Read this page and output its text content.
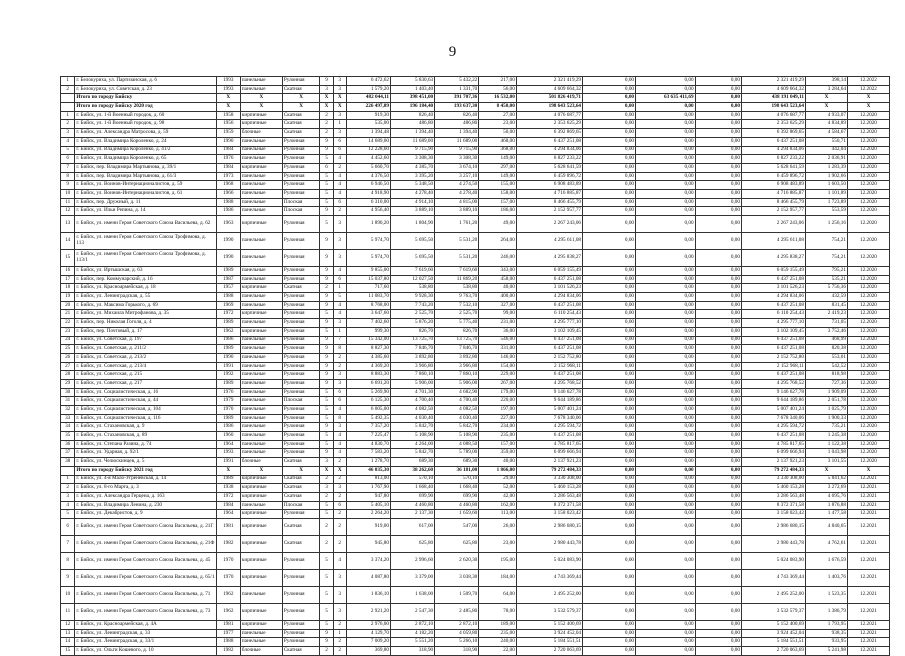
9
1	г. Белокуриха, ул. Партизанская, д. 6	1993	панельные	Рулонная	9	3	6 472,62	5 830,63	5 432,22	217,00	2 321 419,29	0,00	0,00	0,00	2 321 419,29	398,14	12.2022
2	г. Белокуриха, ул. Советская, д. 23	1993	панельные	Скатная	3	3	1 579,20	1 403,40	1 331,70	56,00	4 609 664,32	0,00	0,00	0,00	4 609 664,32	3 284,64	12.2022
	Итого по городу Бийску	X	X	X	X	X	482 044,11	398 451,00	391 707,36	16 532,00	501 826 419,71	0,00	63 635 411,69	0,00	438 191 049,11	X	X
	Итого по городу Бийску 2020 год	X	X	X	X	X	226 497,09	196 184,40	193 637,30	8 450,00	198 643 523,64	0,00	0,00	0,00	198 643 523,64	X	X
1	г. Бийск, ул. 1-й Военный городок, д. 60	1958	кирпичные	Скатная	2	3	919,30	826,40	826,40	27,00	4 076 687,77	0,00	0,00	0,00	4 076 687,77	4 933,07	12.2020
2	г. Бийск, ул. 1-й Военный городок, д. 98	1956	кирпичные	Скатная	2	1	535,00	486,80	486,80	23,00	2 353 625,29	0,00	0,00	0,00	2 353 625,29	4 834,89	12.2020
3	г. Бийск, ул. Александра Матросова, д. 59	1959	блочные	Скатная	2	3	1 394,48	1 394,40	1 394,40	50,00	6 392 869,65	0,00	0,00	0,00	6 392 869,65	4 584,67	12.2020
4	г. Бийск, ул. Владимира Короленко, д. 24	1990	панельные	Рулонная	9	6	14 689,00	11 689,00	11 689,00	468,00	6 437 251,08	0,00	0,00	0,00	6 437 251,08	550,71	12.2020
5	г. Бийск, ул. Владимира Короленко, д. 41/2	1984	панельные	Рулонная	9	6	12 228,60	9 715,90	9 715,90	368,00	4 294 834,06	0,00	0,00	0,00	4 294 834,06	442,04	12.2020
6	г. Бийск, ул. Владимира Короленко, д. 65	1976	панельные	Рулонная	5	4	4 452,60	3 308,30	3 308,30	149,00	6 827 233,22	0,00	0,00	0,00	6 827 233,22	2 036,91	12.2020
7	г. Бийск, пер. Владимира Мартьянова, д. 39/1	1984	кирпичные	Рулонная	6	2	5 660,70	4 385,70	3 674,10	297,00	5 628 641,59	0,00	0,00	0,00	5 628 641,59	1 283,39	12.2020
8	г. Бийск, пер. Владимира Мартьянова, д. 61/3	1973	панельные	Рулонная	5	4	4 376,50	3 395,20	3 257,10	149,00	6 459 896,72	0,00	0,00	0,00	6 459 896,72	1 902,66	12.2020
9	г. Бийск, ул. Воинов-Интернационалистов, д. 59	1968	панельные	Рулонная	5	4	6 946,50	5 348,50	4 274,50	155,00	6 908 483,89	0,00	0,00	0,00	6 908 483,89	1 603,50	12.2020
10	г. Бийск, ул. Воинов-Интернационалистов, д. 61	1966	панельные	Рулонная	5	4	4 918,90	4 278,40	4 278,40	158,00	4 716 885,87	0,00	0,00	0,00	4 716 885,87	1 101,89	12.2020
11	г. Бийск, пер. Дружный, д. 11	1988	панельные	Плоская	5	6	6 310,00	4 914,10	4 815,00	157,00	8 466 455,79	0,00	0,00	0,00	8 466 455,79	1 723,89	12.2020
12	г. Бийск, ул. Ильи Репина, д. 14	1986	панельные	Плоская	9	2	4 956,40	3 889,10	3 889,10	186,00	2 152 957,77	0,00	0,00	0,00	2 152 957,77	553,59	12.2020
13	г. Бийск, ул. имени Героя Советского Союза Васильева, д. 62	1963	кирпичные	Рулонная	5	3	1 890,20	1 804,90	1 761,20	49,00	2 267 243,06	0,00	0,00	0,00	2 267 243,06	1 256,16	12.2020
14	г. Бийск, ул. имени Героя Советского Союза Трофимова, д. 113	1990	панельные	Рулонная	9	3	5 974,70	5 695,50	5 531,20	264,00	4 295 611,08	0,00	0,00	0,00	4 295 611,08	754,21	12.2020
15	г. Бийск, ул. имени Героя Советского Союза Трофимова, д. 113/1	1990	панельные	Рулонная	9	3	5 974,70	5 695,50	5 531,20	246,00	4 295 838,27	0,00	0,00	0,00	4 295 838,27	754,21	12.2020
16	г. Бийск, ул. Иртышская, д. 63	1989	панельные	Рулонная	9	4	9 855,00	7 619,60	7 619,60	343,00	6 059 155,49	0,00	0,00	0,00	6 059 155,49	795,21	12.2020
17	г. Бийск, пер. Коммунарский, д. 16	1987	панельные	Рулонная	9	6	15 037,80	12 027,50	11 869,20	458,00	6 437 251,08	0,00	0,00	0,00	6 437 251,08	535,21	12.2020
18	г. Бийск, ул. Красноармейская, д. 18	1957	кирпичные	Скатная	2	1	717,60	538,80	538,80	40,00	3 101 526,23	0,00	0,00	0,00	3 101 526,23	5 756,36	12.2020
19	г. Бийск, ул. Ленинградская, д. 55	1988	панельные	Рулонная	9	5	11 083,70	9 928,30	9 763,70	400,00	4 294 834,06	0,00	0,00	0,00	4 294 834,06	432,59	12.2020
20	г. Бийск, ул. Максима Горького, д. 69	1969	панельные	Рулонная	9	4	8 768,00	7 743,20	7 532,10	327,00	6 437 251,08	0,00	0,00	0,00	6 437 251,08	831,45	12.2020
21	г. Бийск, ул. Михаила Митрофанова, д. 35	1972	кирпичные	Рулонная	5	4	3 647,60	2 525,70	2 525,70	99,00	6 110 254,43	0,00	0,00	0,00	6 110 254,43	2 419,23	12.2020
22	г. Бийск, пер. Николая Гоголя, д. 4	1989	панельные	Рулонная	9	3	7 402,60	5 876,20	5 775,40	231,00	4 295 777,10	0,00	0,00	0,00	4 295 777,10	731,05	12.2020
23	г. Бийск, пер. Почтовый, д. 17	1962	кирпичные	Рулонная	5	1	999,30	826,70	826,70	36,00	3 102 109,45	0,00	0,00	0,00	3 102 109,45	3 752,46	12.2020
24	г. Бийск, ул. Советская, д. 197	1986	панельные	Рулонная	9	7	15 342,00	13 725,70	13 725,70	546,00	6 437 251,08	0,00	0,00	0,00	6 437 251,08	468,99	12.2020
25	г. Бийск, ул. Советская, д. 211/2	1989	панельные	Рулонная	9	8	8 827,30	7 846,70	7 846,70	331,00	6 437 251,08	0,00	0,00	0,00	6 437 251,08	820,38	12.2020
26	г. Бийск, ул. Советская, д. 213/2	1990	панельные	Рулонная	9	2	4 385,60	3 892,80	3 892,80	146,00	2 152 752,80	0,00	0,00	0,00	2 152 752,80	553,01	12.2020
27	г. Бийск, ул. Советская, д. 213/4	1991	панельные	Рулонная	9	2	4 369,20	3 966,80	3 966,80	154,00	2 152 968,11	0,00	0,00	0,00	2 152 968,11	542,52	12.2020
28	г. Бийск, ул. Советская, д. 215	1992	панельные	Рулонная	9	3	8 883,30	7 860,10	7 860,10	229,00	6 437 251,08	0,00	0,00	0,00	6 437 251,08	818,98	12.2020
29	г. Бийск, ул. Советская, д. 217	1989	панельные	Рулонная	9	3	6 691,20	5 906,00	5 906,00	267,00	4 295 768,52	0,00	0,00	0,00	4 295 768,52	727,36	12.2020
30	г. Бийск, ул. Социалистическая, д. 16	1976	панельные	Рулонная	5	6	5 269,90	4 701,30	4 682,90	179,00	9 146 627,78	0,00	0,00	0,00	9 146 627,78	1 909,09	12.2020
31	г. Бийск, ул. Социалистическая, д. 44	1979	панельные	Плоская	5	6	6 125,30	4 700,40	4 700,40	220,00	9 644 189,86	0,00	0,00	0,00	9 644 189,86	2 051,78	12.2020
32	г. Бийск, ул. Социалистическая, д. 104	1970	панельные	Рулонная	5	4	6 005,00	4 082,50	4 082,50	197,00	5 007 401,24	0,00	0,00	0,00	5 007 401,24	1 025,79	12.2020
33	г. Бийск, ул. Социалистическая, д. 116	1989	панельные	Рулонная	5	8	5 492,35	4 030,40	4 030,40	227,00	7 678 340,06	0,00	0,00	0,00	7 678 340,06	1 900,33	12.2020
34	г. Бийск, ул. Стахановская, д. 9	1986	панельные	Рулонная	9	3	7 357,20	5 842,70	5 842,70	234,00	4 295 594,72	0,00	0,00	0,00	4 295 594,72	735,21	12.2020
35	г. Бийск, ул. Стахановская, д. 89	1960	панельные	Рулонная	5	4	7 225,47	5 108,90	5 108,90	235,00	6 437 251,08	0,00	0,00	0,00	6 437 251,08	1 245,38	12.2020
36	г. Бийск, ул. Степана Разина, д. 74	1964	панельные	Рулонная	5	4	4 830,70	4 264,00	4 088,50	157,00	4 785 817,65	0,00	0,00	0,00	4 785 817,65	1 122,38	12.2020
37	г. Бийск, ул. Ударная, д. 92/1	1993	панельные	Рулонная	9	4	7 583,20	5 842,70	5 789,00	359,00	6 099 666,94	0,00	0,00	0,00	6 099 666,94	1 043,98	12.2020
38	г. Бийск, ул. Челюскинцев, д. 5	1991	блочные	Скатная	3	2	1 278,70	689,30	689,30	40,00	2 137 921,23	0,00	0,00	0,00	2 137 921,23	3 101,55	12.2020
	Итого по городу Бийску 2021 год	X	X	X	X	X	46 035,30	38 262,60	36 181,00	1 866,00	79 272 484,33	0,00	0,00	0,00	79 272 484,33	X	X
1	г. Бийск, ул. 4-я Мало-Угреневская, д. 14	1989	кирпичные	Скатная	2	2	813,00	570,10	570,10	29,00	3 330 308,00	0,00	0,00	0,00	3 330 308,00	5 841,62	12.2021
2	г. Бийск, ул. 8-го Марта, д. 3	1938	кирпичные	Скатная	3	3	1 767,90	1 668,40	1 668,40	52,00	5 460 153,28	0,00	0,00	0,00	5 460 153,28	3 272,69	12.2021
3	г. Бийск, ул. Александра Герцена, д. 163	1972	кирпичные	Скатная	2	2	947,80	699,90	699,90	42,00	3 286 563,48	0,00	0,00	0,00	3 286 563,48	4 695,76	12.2021
4	г. Бийск, ул. Владимира Ленина, д. 230	1984	панельные	Плоская	5	6	5 405,10	4 460,80	4 460,80	162,00	8 372 371,58	0,00	0,00	0,00	8 372 371,58	1 876,88	12.2021
5	г. Бийск, ул. Декабристов, д. 9	1964	кирпичные	Рулонная	5	2	2 264,20	2 137,30	1 659,60	113,00	3 158 023,42	0,00	0,00	0,00	3 158 023,42	1 477,58	12.2021
6	г. Бийск, ул. имени Героя Советского Союза Васильева, д. 21Г	1981	кирпичные	Скатная	2	2	919,00	617,00	547,00	26,00	2 986 680,15	0,00	0,00	0,00	2 986 680,15	4 840,65	12.2021
7	г. Бийск, ул. имени Героя Советского Союза Васильева, д. 21Ф	1982	кирпичные	Скатная	2	2	945,80	625,80	625,80	23,00	2 980 443,78	0,00	0,00	0,00	2 980 443,78	4 762,61	12.2021
8	г. Бийск, ул. имени Героя Советского Союза Васильева, д. 45	1970	кирпичные	Рулонная	5	4	3 374,20	2 996,60	2 620,30	195,00	5 024 083,90	0,00	0,00	0,00	5 024 083,90	1 676,59	12.2021
9	г. Бийск, ул. имени Героя Советского Союза Васильева, д. 65/1	1970	кирпичные	Рулонная	5	3	4 087,80	3 379,00	3 038,30	184,00	4 743 369,44	0,00	0,00	0,00	4 743 369,44	1 403,76	12.2021
10	г. Бийск, ул. имени Героя Советского Союза Васильева, д. 71	1962	панельные	Рулонная	5	3	1 836,10	1 638,00	1 509,70	64,00	2 495 252,00	0,00	0,00	0,00	2 495 252,00	1 523,35	12.2021
11	г. Бийск, ул. имени Героя Советского Союза Васильева, д. 73	1962	кирпичные	Рулонная	5	3	2 921,20	2 547,30	2 485,80	78,00	3 532 579,37	0,00	0,00	0,00	3 532 579,37	1 386,79	12.2021
12	г. Бийск, ул. Красноармейская, д. 4А	1981	кирпичные	Рулонная	5	2	2 976,00	2 872,10	2 872,10	189,00	5 152 400,69	0,00	0,00	0,00	5 152 400,69	1 793,95	12.2021
13	г. Бийск, ул. Ленинградская, д. 33	1977	панельные	Рулонная	9	1	4 129,70	4 182,20	4 059,80	235,00	3 924 452,04	0,00	0,00	0,00	3 924 452,04	938,35	12.2021
14	г. Бийск, ул. Ленинградская, д. 33/1	1988	панельные	Рулонная	9	2	7 009,20	5 551,20	5 266,10	240,00	5 184 551,51	0,00	0,00	0,00	5 184 551,51	933,95	12.2021
15	г. Бийск, ул. Ольги Кошевого, д. 10	1982	блочные	Скатная	2	2	369,80	318,90	318,90	22,00	2 720 063,69	0,00	0,00	0,00	2 720 063,69	5 241,98	12.2021
